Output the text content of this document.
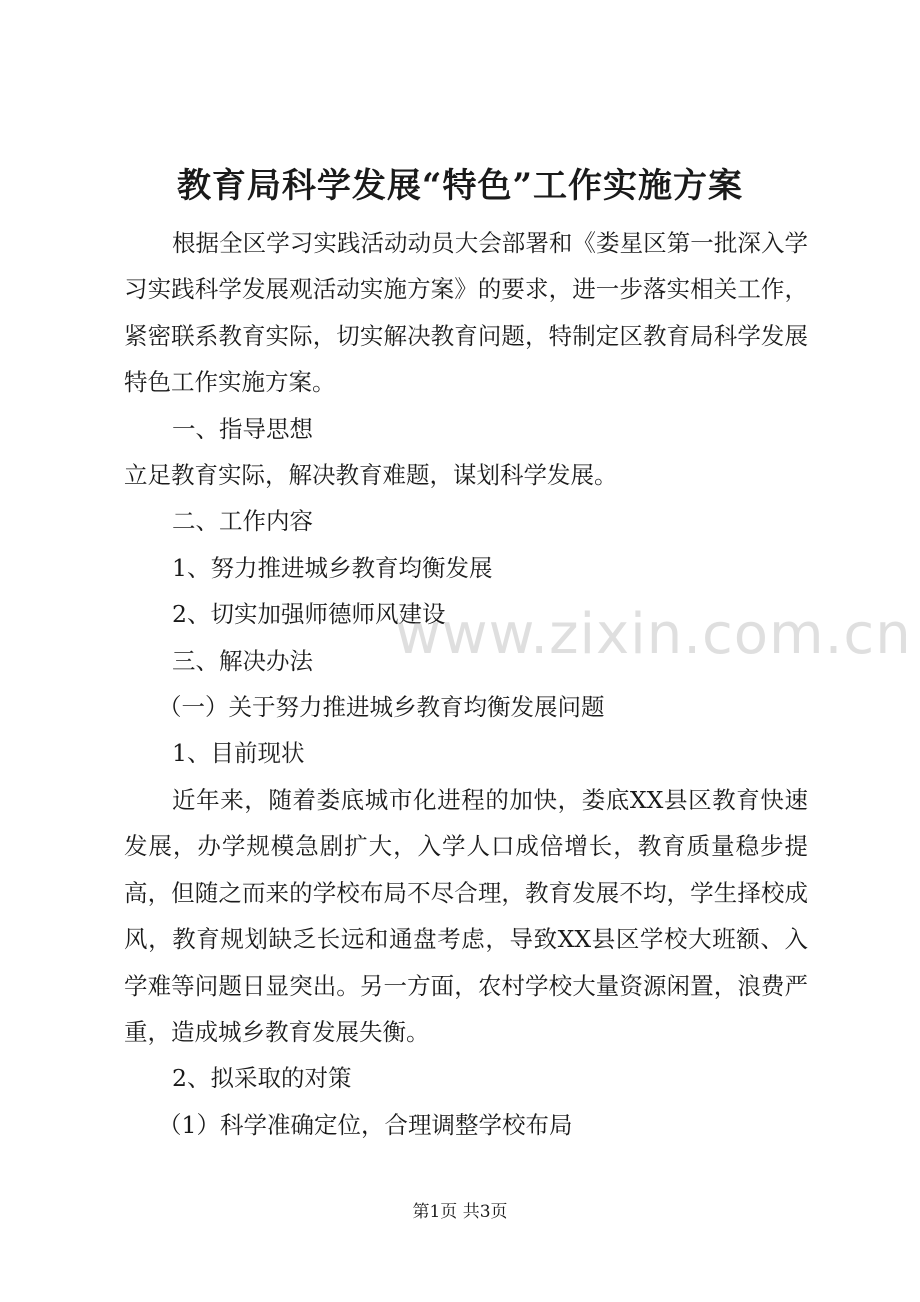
教育局科学发展“特色”工作实施方案

根据全区学习实践活动动员大会部署和《娄星区第一批深入学习实践科学发展观活动实施方案》的要求，进一步落实相关工作，紧密联系教育实际，切实解决教育问题，特制定区教育局科学发展特色工作实施方案。

一、指导思想

立足教育实际，解决教育难题，谋划科学发展。

二、工作内容

1、努力推进城乡教育均衡发展

2、切实加强师德师风建设

三、解决办法

（一）关于努力推进城乡教育均衡发展问题

1、目前现状

近年来，随着娄底城市化进程的加快，娄底XX县区教育快速发展，办学规模急剧扩大，入学人口成倍增长，教育质量稳步提高，但随之而来的学校布局不尽合理，教育发展不均，学生择校成风，教育规划缺乏长远和通盘考虑，导致XX县区学校大班额、入学难等问题日显突出。另一方面，农村学校大量资源闲置，浪费严重，造成城乡教育发展失衡。

2、拟采取的对策

（1）科学准确定位，合理调整学校布局

www.zixin.com.cn
第1页 共3页
